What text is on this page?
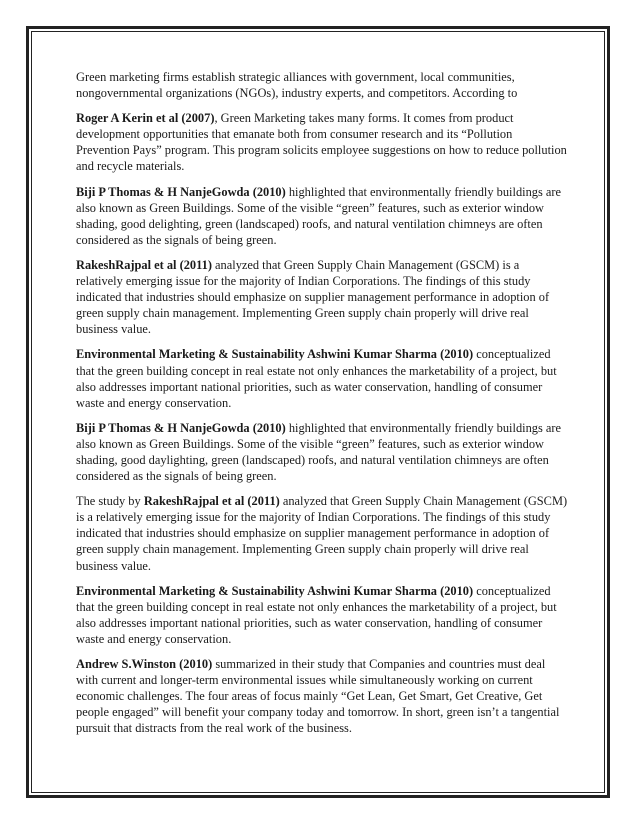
Green marketing firms establish strategic alliances with government, local communities, nongovernmental organizations (NGOs), industry experts, and competitors. According to

Roger A Kerin et al (2007), Green Marketing takes many forms. It comes from product development opportunities that emanate both from consumer research and its “Pollution Prevention Pays” program. This program solicits employee suggestions on how to reduce pollution and recycle materials.

Biji P Thomas & H NanjeGowda (2010) highlighted that environmentally friendly buildings are also known as Green Buildings. Some of the visible “green” features, such as exterior window shading, good delighting, green (landscaped) roofs, and natural ventilation chimneys are often considered as the signals of being green.

RakeshRajpal et al (2011) analyzed that Green Supply Chain Management (GSCM) is a relatively emerging issue for the majority of Indian Corporations. The findings of this study indicated that industries should emphasize on supplier management performance in adoption of green supply chain management. Implementing Green supply chain properly will drive real business value.

Environmental Marketing & Sustainability Ashwini Kumar Sharma (2010) conceptualized that the green building concept in real estate not only enhances the marketability of a project, but also addresses important national priorities, such as water conservation, handling of consumer waste and energy conservation.

Biji P Thomas & H NanjeGowda (2010) highlighted that environmentally friendly buildings are also known as Green Buildings. Some of the visible “green” features, such as exterior window shading, good daylighting, green (landscaped) roofs, and natural ventilation chimneys are often considered as the signals of being green.

The study by RakeshRajpal et al (2011) analyzed that Green Supply Chain Management (GSCM) is a relatively emerging issue for the majority of Indian Corporations. The findings of this study indicated that industries should emphasize on supplier management performance in adoption of green supply chain management. Implementing Green supply chain properly will drive real business value.

Environmental Marketing & Sustainability Ashwini Kumar Sharma (2010) conceptualized that the green building concept in real estate not only enhances the marketability of a project, but also addresses important national priorities, such as water conservation, handling of consumer waste and energy conservation.

Andrew S.Winston (2010) summarized in their study that Companies and countries must deal with current and longer-term environmental issues while simultaneously working on current economic challenges. The four areas of focus mainly “Get Lean, Get Smart, Get Creative, Get people engaged” will benefit your company today and tomorrow. In short, green isn’t a tangential pursuit that distracts from the real work of the business.
